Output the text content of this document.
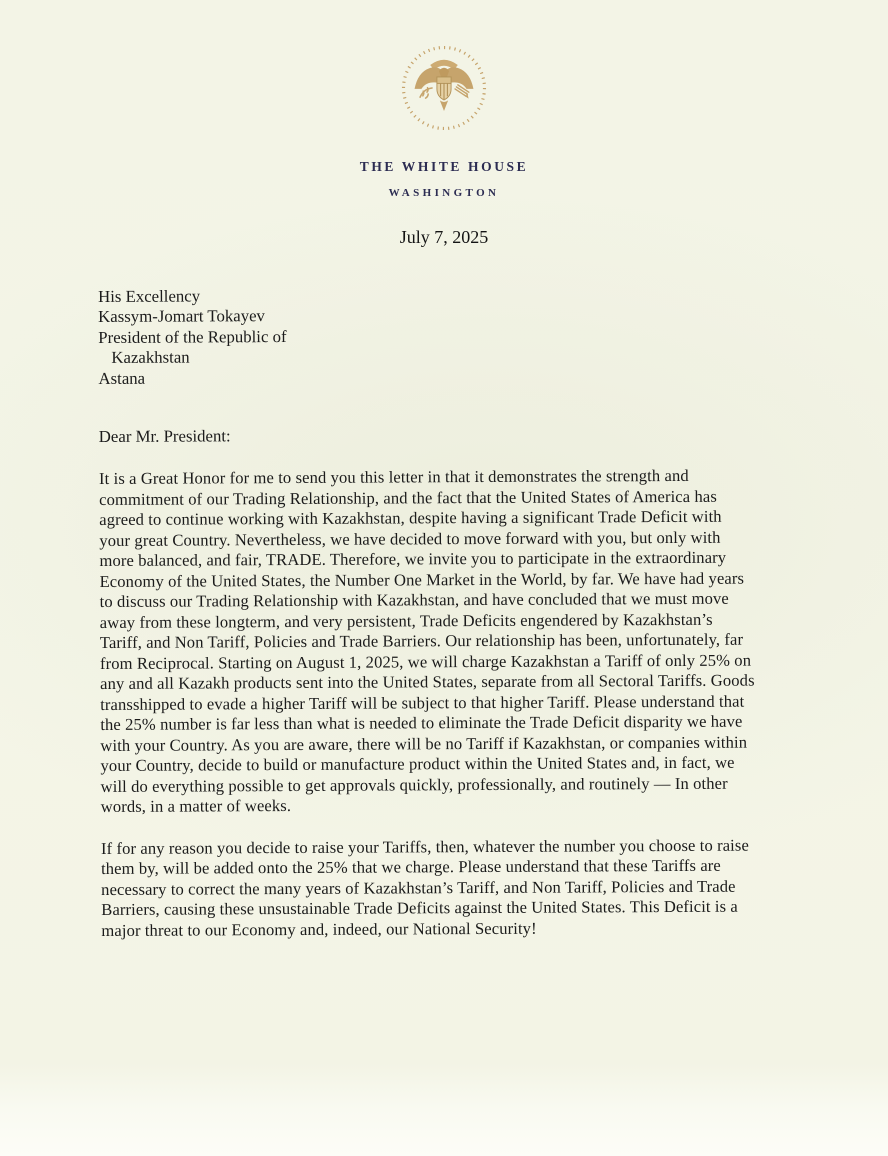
THE WHITE HOUSE
WASHINGTON
July 7, 2025
His Excellency
Kassym-Jomart Tokayev
President of the Republic of
Kazakhstan
Astana
Dear Mr. President:
It is a Great Honor for me to send you this letter in that it demonstrates the strength and
commitment of our Trading Relationship, and the fact that the United States of America has
agreed to continue working with Kazakhstan, despite having a significant Trade Deficit with
your great Country. Nevertheless, we have decided to move forward with you, but only with
more balanced, and fair, TRADE. Therefore, we invite you to participate in the extraordinary
Economy of the United States, the Number One Market in the World, by far. We have had years
to discuss our Trading Relationship with Kazakhstan, and have concluded that we must move
away from these longterm, and very persistent, Trade Deficits engendered by Kazakhstan’s
Tariff, and Non Tariff, Policies and Trade Barriers. Our relationship has been, unfortunately, far
from Reciprocal. Starting on August 1, 2025, we will charge Kazakhstan a Tariff of only 25% on
any and all Kazakh products sent into the United States, separate from all Sectoral Tariffs. Goods
transshipped to evade a higher Tariff will be subject to that higher Tariff. Please understand that
the 25% number is far less than what is needed to eliminate the Trade Deficit disparity we have
with your Country. As you are aware, there will be no Tariff if Kazakhstan, or companies within
your Country, decide to build or manufacture product within the United States and, in fact, we
will do everything possible to get approvals quickly, professionally, and routinely — In other
words, in a matter of weeks.
If for any reason you decide to raise your Tariffs, then, whatever the number you choose to raise
them by, will be added onto the 25% that we charge. Please understand that these Tariffs are
necessary to correct the many years of Kazakhstan’s Tariff, and Non Tariff, Policies and Trade
Barriers, causing these unsustainable Trade Deficits against the United States. This Deficit is a
major threat to our Economy and, indeed, our National Security!
